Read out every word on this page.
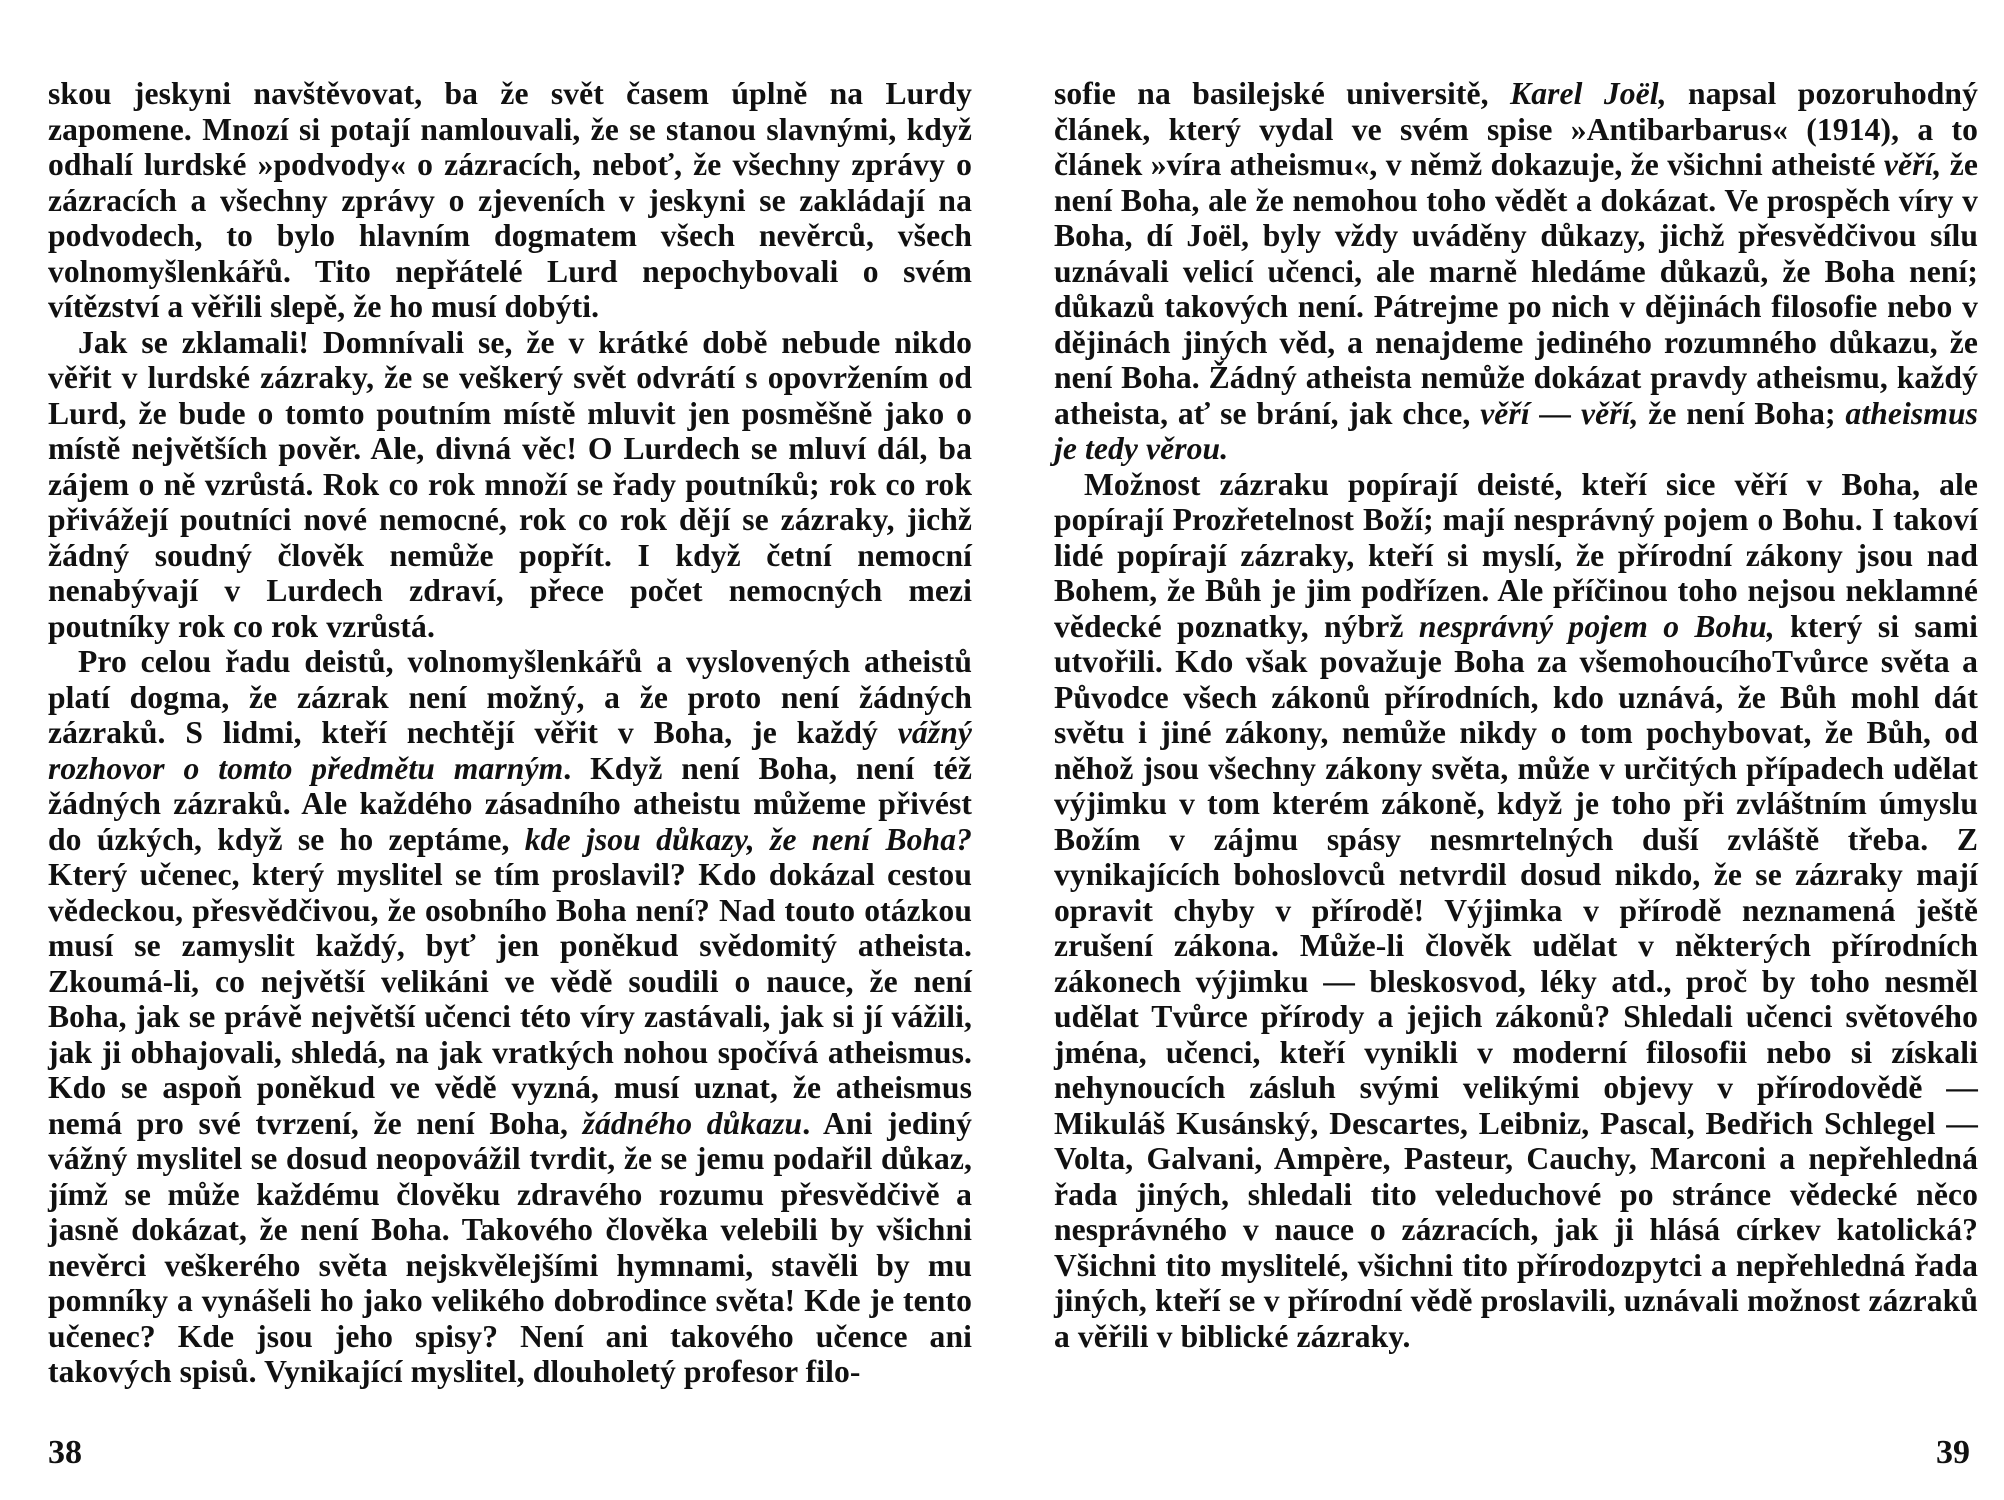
skou jeskyni navštěvovat, ba že svět časem úplně na Lurdy zapomene. Mnozí si potají namlouvali, že se stanou slavnými, když odhalí lurdské »podvody« o zázracích, neboť, že všechny zprávy o zázracích a všechny zprávy o zjeveních v jeskyni se zakládají na podvodech, to bylo hlavním dogmatem všech nevěrců, všech volnomyšlenkářů. Tito nepřátelé Lurd nepochybovali o svém vítězství a věřili slepě, že ho musí dobýti.

Jak se zklamali! Domnívali se, že v krátké době nebude nikdo věřit v lurdské zázraky, že se veškerý svět odvrátí s opovržením od Lurd, že bude o tomto poutním místě mluvit jen posměšně jako o místě největších pověr. Ale, divná věc! O Lurdech se mluví dál, ba zájem o ně vzrůstá. Rok co rok množí se řady poutníků; rok co rok přivážejí poutníci nové nemocné, rok co rok dějí se zázraky, jichž žádný soudný člověk nemůže popřít. I když četní nemocní nenabývají v Lurdech zdraví, přece počet nemocných mezi poutníky rok co rok vzrůstá.

Pro celou řadu deistů, volnomyšlenkářů a vyslovených atheistů platí dogma, že zázrak není možný, a že proto není žádných zázraků. S lidmi, kteří nechtějí věřit v Boha, je každý vážný rozhovor o tomto předmětu marným. Když není Boha, není též žádných zázraků. Ale každého zásadního atheistu můžeme přivést do úzkých, když se ho zeptáme, kde jsou důkazy, že není Boha? Který učenec, který myslitel se tím proslavil? Kdo dokázal cestou vědeckou, přesvědčivou, že osobního Boha není? Nad touto otázkou musí se zamyslit každý, byť jen poněkud svědomitý atheista. Zkoumá-li, co největší velikáni ve vědě soudili o nauce, že není Boha, jak se právě největší učenci této víry zastávali, jak si jí vážili, jak ji obhajovali, shledá, na jak vratkých nohou spočívá atheismus. Kdo se aspoň poněkud ve vědě vyzná, musí uznat, že atheismus nemá pro své tvrzení, že není Boha, žádného důkazu. Ani jediný vážný myslitel se dosud neopovážil tvrdit, že se jemu podařil důkaz, jímž se může každému člověku zdravého rozumu přesvědčivě a jasně dokázat, že není Boha. Takového člověka velebili by všichni nevěrci veškerého světa nejskvělejšími hymnami, stavěli by mu pomníky a vynášeli ho jako velikého dobrodince světa! Kde je tento učenec? Kde jsou jeho spisy? Není ani takového učence ani takových spisů. Vynikající myslitel, dlouholetý profesor filo-

38

sofie na basilejské universitě, Karel Joël, napsal pozoruhodný článek, který vydal ve svém spise »Antibarbarus« (1914), a to článek »víra atheismu«, v němž dokazuje, že všichni atheisté věří, že není Boha, ale že nemohou toho vědět a dokázat. Ve prospěch víry v Boha, dí Joël, byly vždy uváděny důkazy, jichž přesvědčivou sílu uznávali velicí učenci, ale marně hledáme důkazů, že Boha není; důkazů takových není. Pátrejme po nich v dějinách filosofie nebo v dějinách jiných věd, a nenajdeme jediného rozumného důkazu, že není Boha. Žádný atheista nemůže dokázat pravdy atheismu, každý atheista, ať se brání, jak chce, věří — věří, že není Boha; atheismus je tedy věrou.

Možnost zázraku popírají deisté, kteří sice věří v Boha, ale popírají Prozřetelnost Boží; mají nesprávný pojem o Bohu. I takoví lidé popírají zázraky, kteří si myslí, že přírodní zákony jsou nad Bohem, že Bůh je jim podřízen. Ale příčinou toho nejsou neklamné vědecké poznatky, nýbrž nesprávný pojem o Bohu, který si sami utvořili. Kdo však považuje Boha za všemohoucíhoTvůrce světa a Původce všech zákonů přírodních, kdo uznává, že Bůh mohl dát světu i jiné zákony, nemůže nikdy o tom pochybovat, že Bůh, od něhož jsou všechny zákony světa, může v určitých případech udělat výjimku v tom kterém zákoně, když je toho při zvláštním úmyslu Božím v zájmu spásy nesmrtelných duší zvláště třeba. Z vynikajících bohoslovců netvrdil dosud nikdo, že se zázraky mají opravit chyby v přírodě! Výjimka v přírodě neznamená ještě zrušení zákona. Může-li člověk udělat v některých přírodních zákonech výjimku — bleskosvod, léky atd., proč by toho nesměl udělat Tvůrce přírody a jejich zákonů? Shledali učenci světového jména, učenci, kteří vynikli v moderní filosofii nebo si získali nehynoucích zásluh svými velikými objevy v přírodovědě — Mikuláš Kusánský, Descartes, Leibniz, Pascal, Bedřich Schlegel — Volta, Galvani, Ampère, Pasteur, Cauchy, Marconi a nepřehledná řada jiných, shledali tito veleduchové po stránce vědecké něco nesprávného v nauce o zázracích, jak ji hlásá církev katolická? Všichni tito myslitelé, všichni tito přírodozpytci a nepřehledná řada jiných, kteří se v přírodní vědě proslavili, uznávali možnost zázraků a věřili v biblické zázraky.

39
